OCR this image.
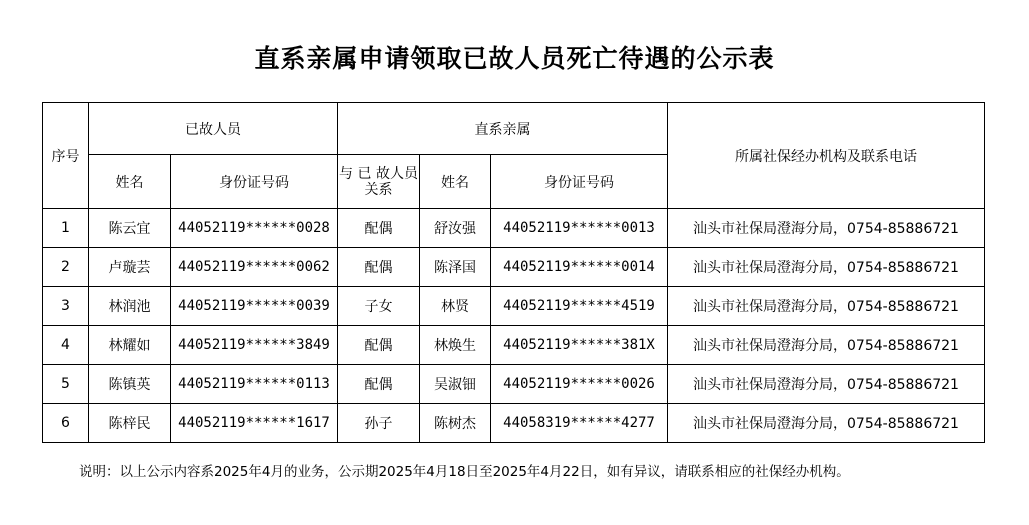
直系亲属申请领取已故人员死亡待遇的公示表
序号	已故人员		直系亲属			所属社保经办机构及联系电话
	姓名	身份证号码	与 已 故人员关系	姓名	身份证号码	
1	陈云宜	44052119******0028	配偶	舒汝强	44052119******0013	汕头市社保局澄海分局，0754-85886721
2	卢璇芸	44052119******0062	配偶	陈泽国	44052119******0014	汕头市社保局澄海分局，0754-85886721
3	林润池	44052119******0039	子女	林贤	44052119******4519	汕头市社保局澄海分局，0754-85886721
4	林耀如	44052119******3849	配偶	林焕生	44052119******381X	汕头市社保局澄海分局，0754-85886721
5	陈镇英	44052119******0113	配偶	吴淑钿	44052119******0026	汕头市社保局澄海分局，0754-85886721
6	陈梓民	44052119******1617	孙子	陈树杰	44058319******4277	汕头市社保局澄海分局，0754-85886721
说明：以上公示内容系2025年4月的业务，公示期2025年4月18日至2025年4月22日，如有异议，请联系相应的社保经办机构。
